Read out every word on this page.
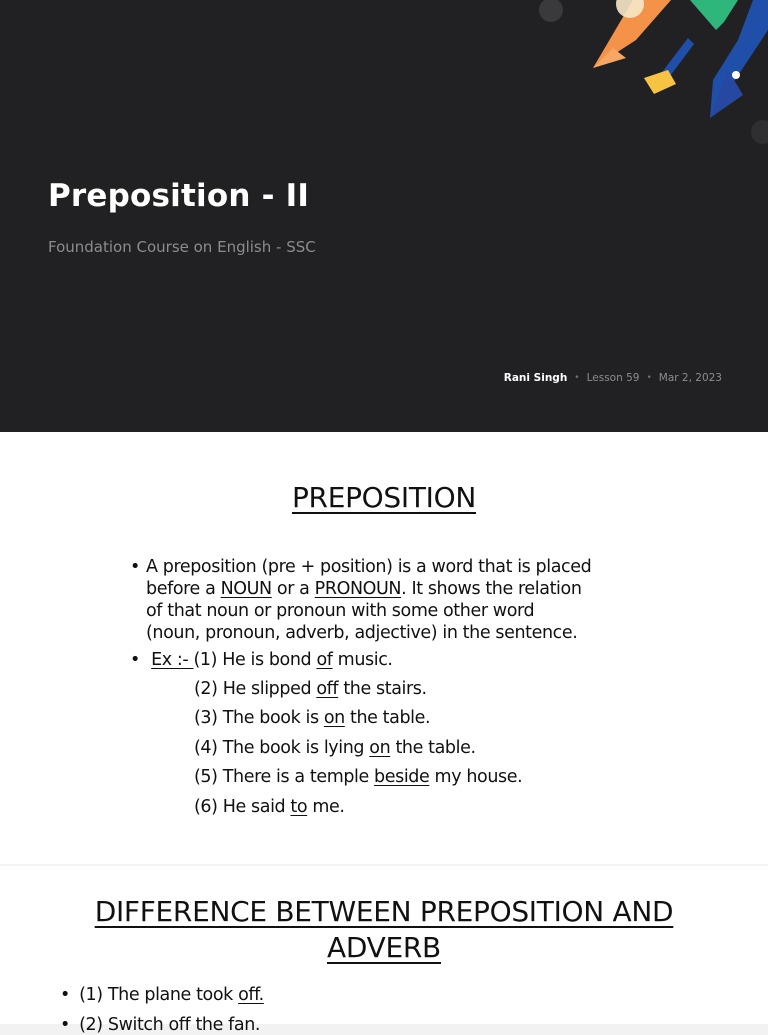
Preposition - II
Foundation Course on English - SSC
Rani Singh • Lesson 59 • Mar 2, 2023
PREPOSITION
• A preposition (pre + position) is a word that is placed
before a NOUN or a PRONOUN. It shows the relation
of that noun or pronoun with some other word
(noun, pronoun, adverb, adjective) in the sentence.
• Ex :- (1) He is bond of music.
(2) He slipped off the stairs.
(3) The book is on the table.
(4) The book is lying on the table.
(5) There is a temple beside my house.
(6) He said to me.
DIFFERENCE BETWEEN PREPOSITION AND
ADVERB
• (1) The plane took off.
• (2) Switch off the fan.
